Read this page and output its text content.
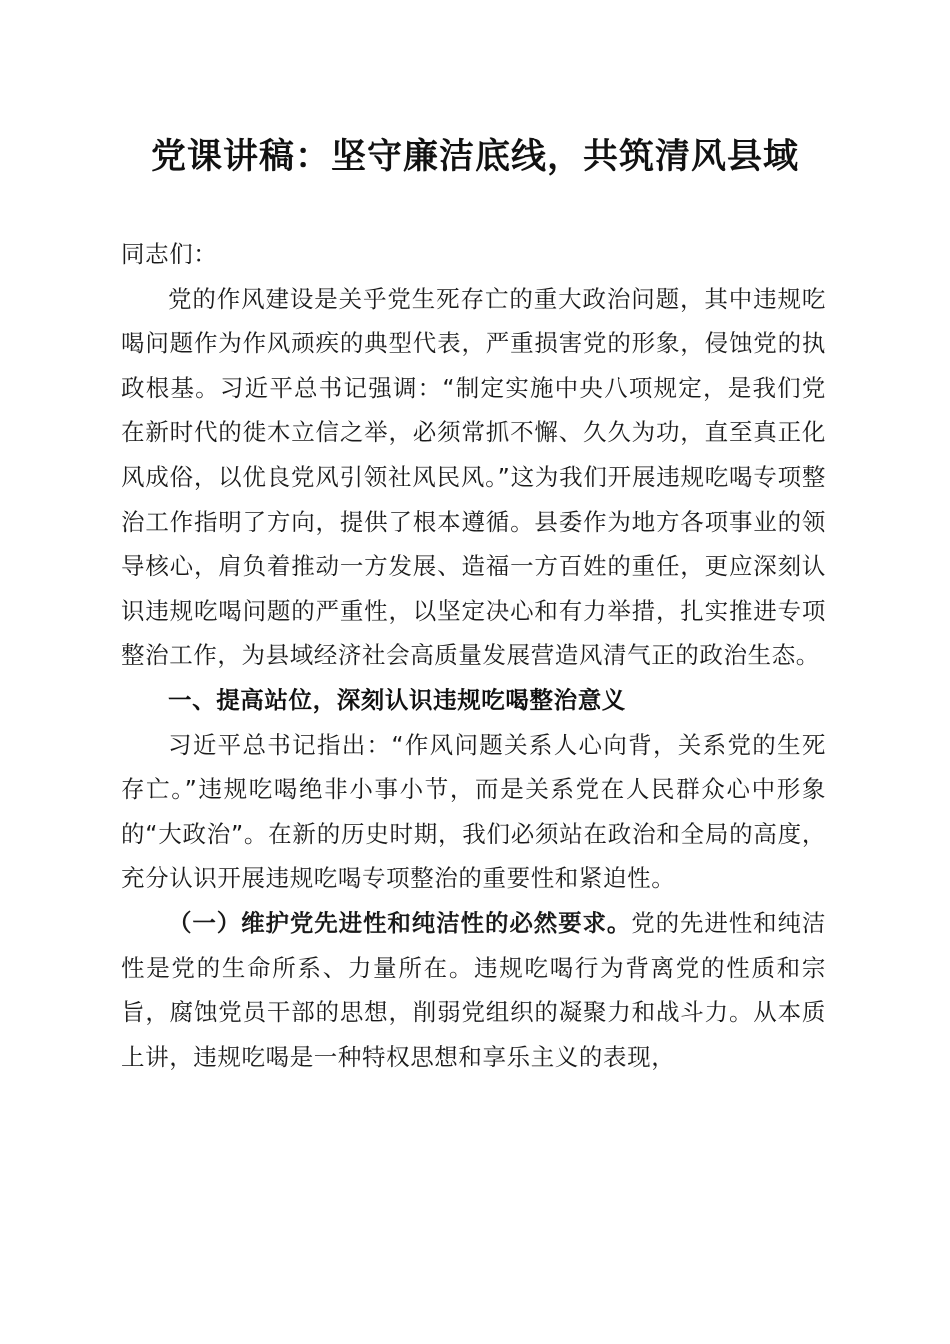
党课讲稿：坚守廉洁底线，共筑清风县域

同志们：

党的作风建设是关乎党生死存亡的重大政治问题，其中违规吃喝问题作为作风顽疾的典型代表，严重损害党的形象，侵蚀党的执政根基。习近平总书记强调：“制定实施中央八项规定，是我们党在新时代的徙木立信之举，必须常抓不懈、久久为功，直至真正化风成俗，以优良党风引领社风民风。”这为我们开展违规吃喝专项整治工作指明了方向，提供了根本遵循。县委作为地方各项事业的领导核心，肩负着推动一方发展、造福一方百姓的重任，更应深刻认识违规吃喝问题的严重性，以坚定决心和有力举措，扎实推进专项整治工作，为县域经济社会高质量发展营造风清气正的政治生态。

一、提高站位，深刻认识违规吃喝整治意义

习近平总书记指出：“作风问题关系人心向背，关系党的生死存亡。”违规吃喝绝非小事小节，而是关系党在人民群众心中形象的“大政治”。在新的历史时期，我们必须站在政治和全局的高度，充分认识开展违规吃喝专项整治的重要性和紧迫性。

（一）维护党先进性和纯洁性的必然要求。党的先进性和纯洁性是党的生命所系、力量所在。违规吃喝行为背离党的性质和宗旨，腐蚀党员干部的思想，削弱党组织的凝聚力和战斗力。从本质上讲，违规吃喝是一种特权思想和享乐主义的表现，
